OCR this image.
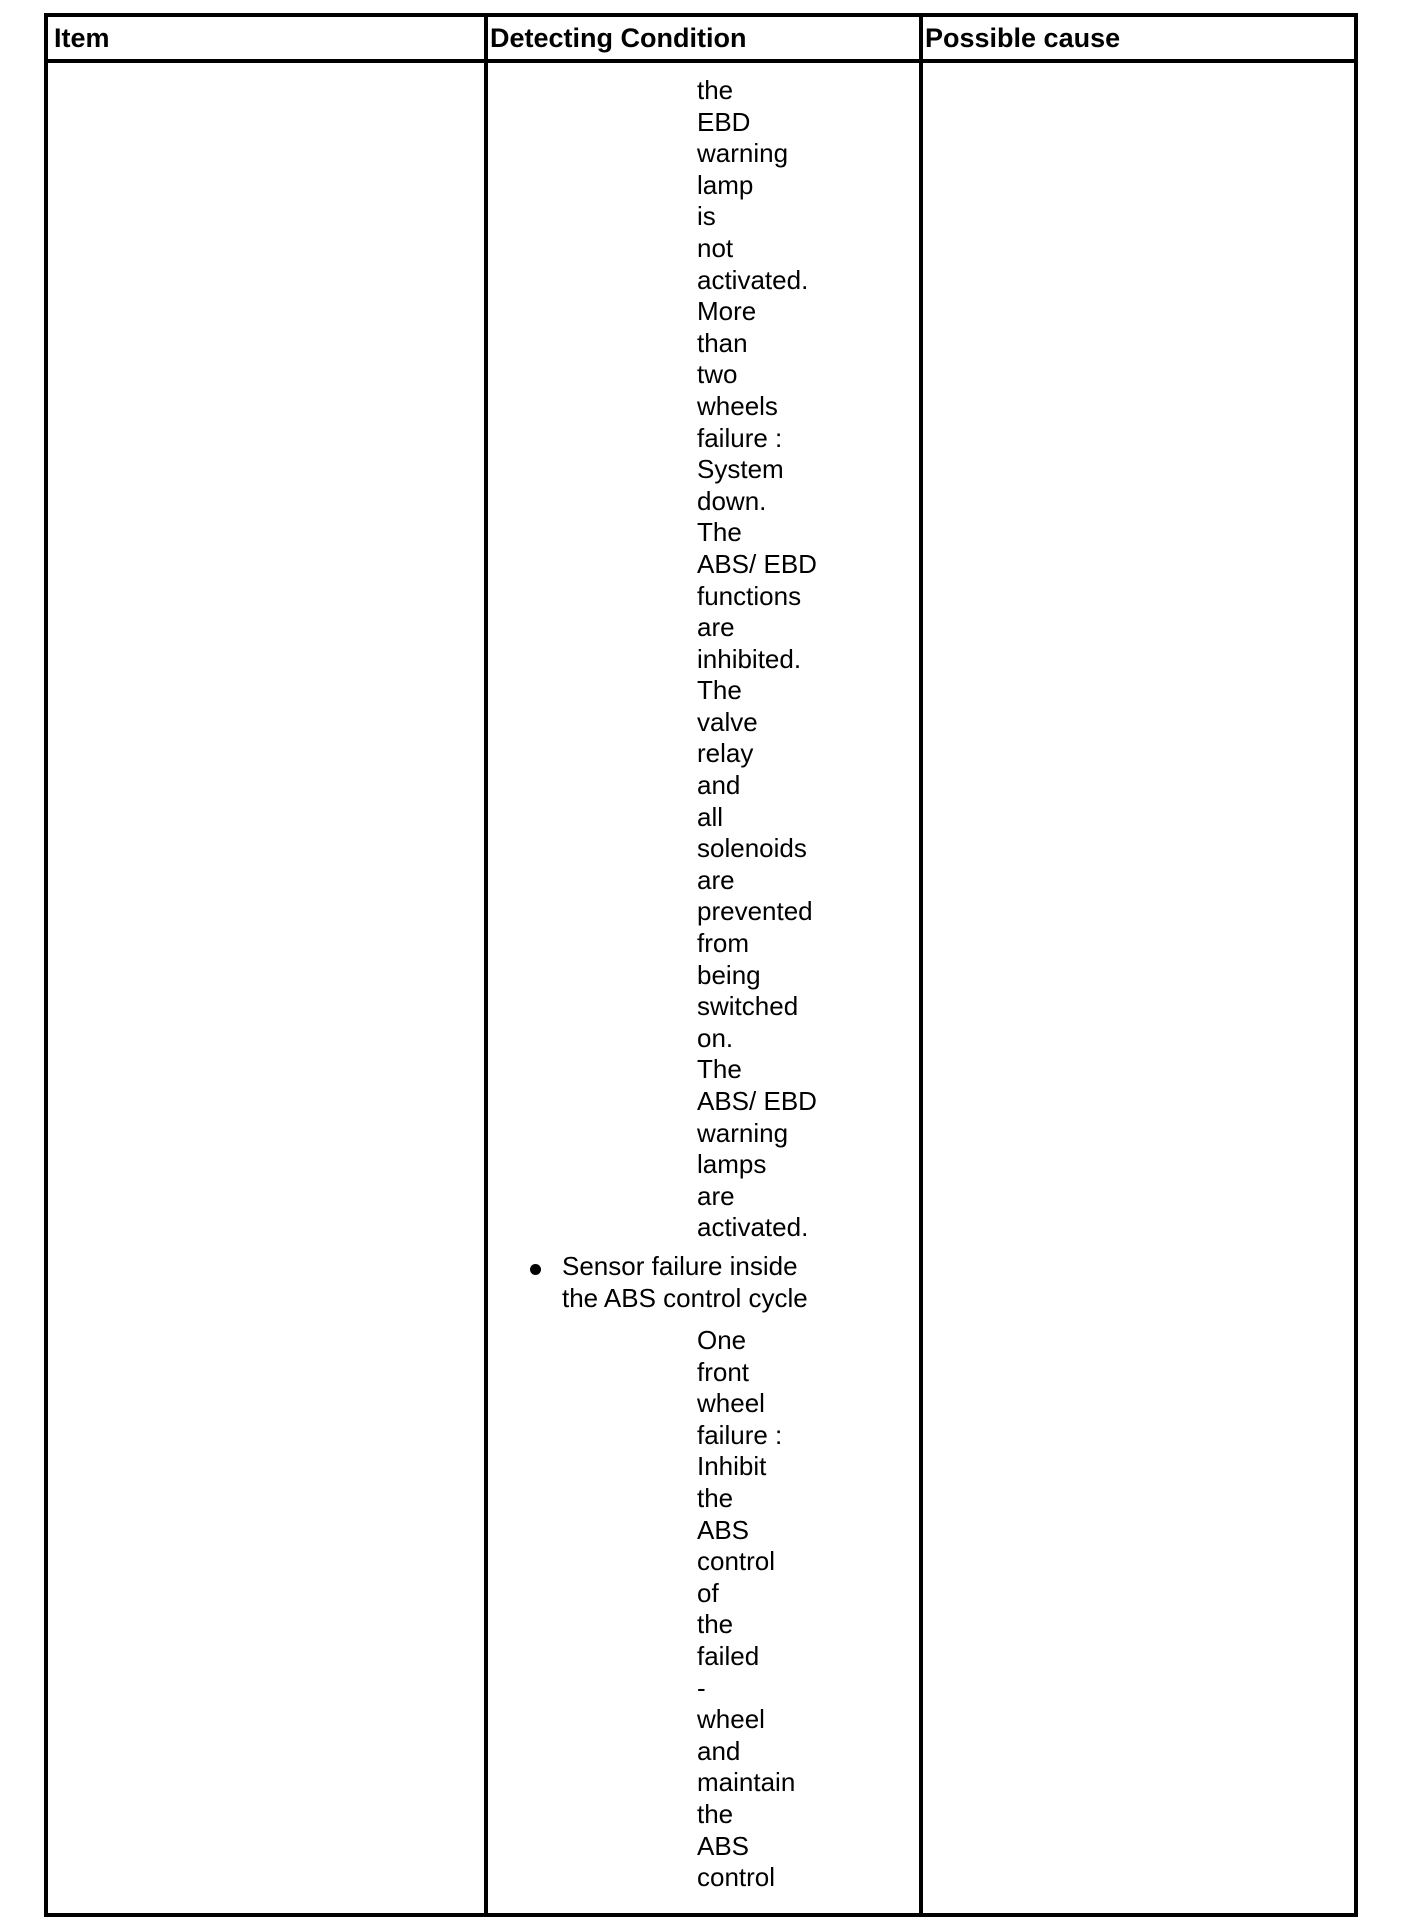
Item	Detecting Condition	Possible cause
the
EBD
warning
lamp
is
not
activated.
More
than
two
wheels
failure :
System
down.
The
ABS/ EBD
functions
are
inhibited.
The
valve
relay
and
all
solenoids
are
prevented
from
being
switched
on.
The
ABS/ EBD
warning
lamps
are
activated.
Sensor failure inside
the ABS control cycle
One
front
wheel
failure :
Inhibit
the
ABS
control
of
the
failed
-
wheel
and
maintain
the
ABS
control
